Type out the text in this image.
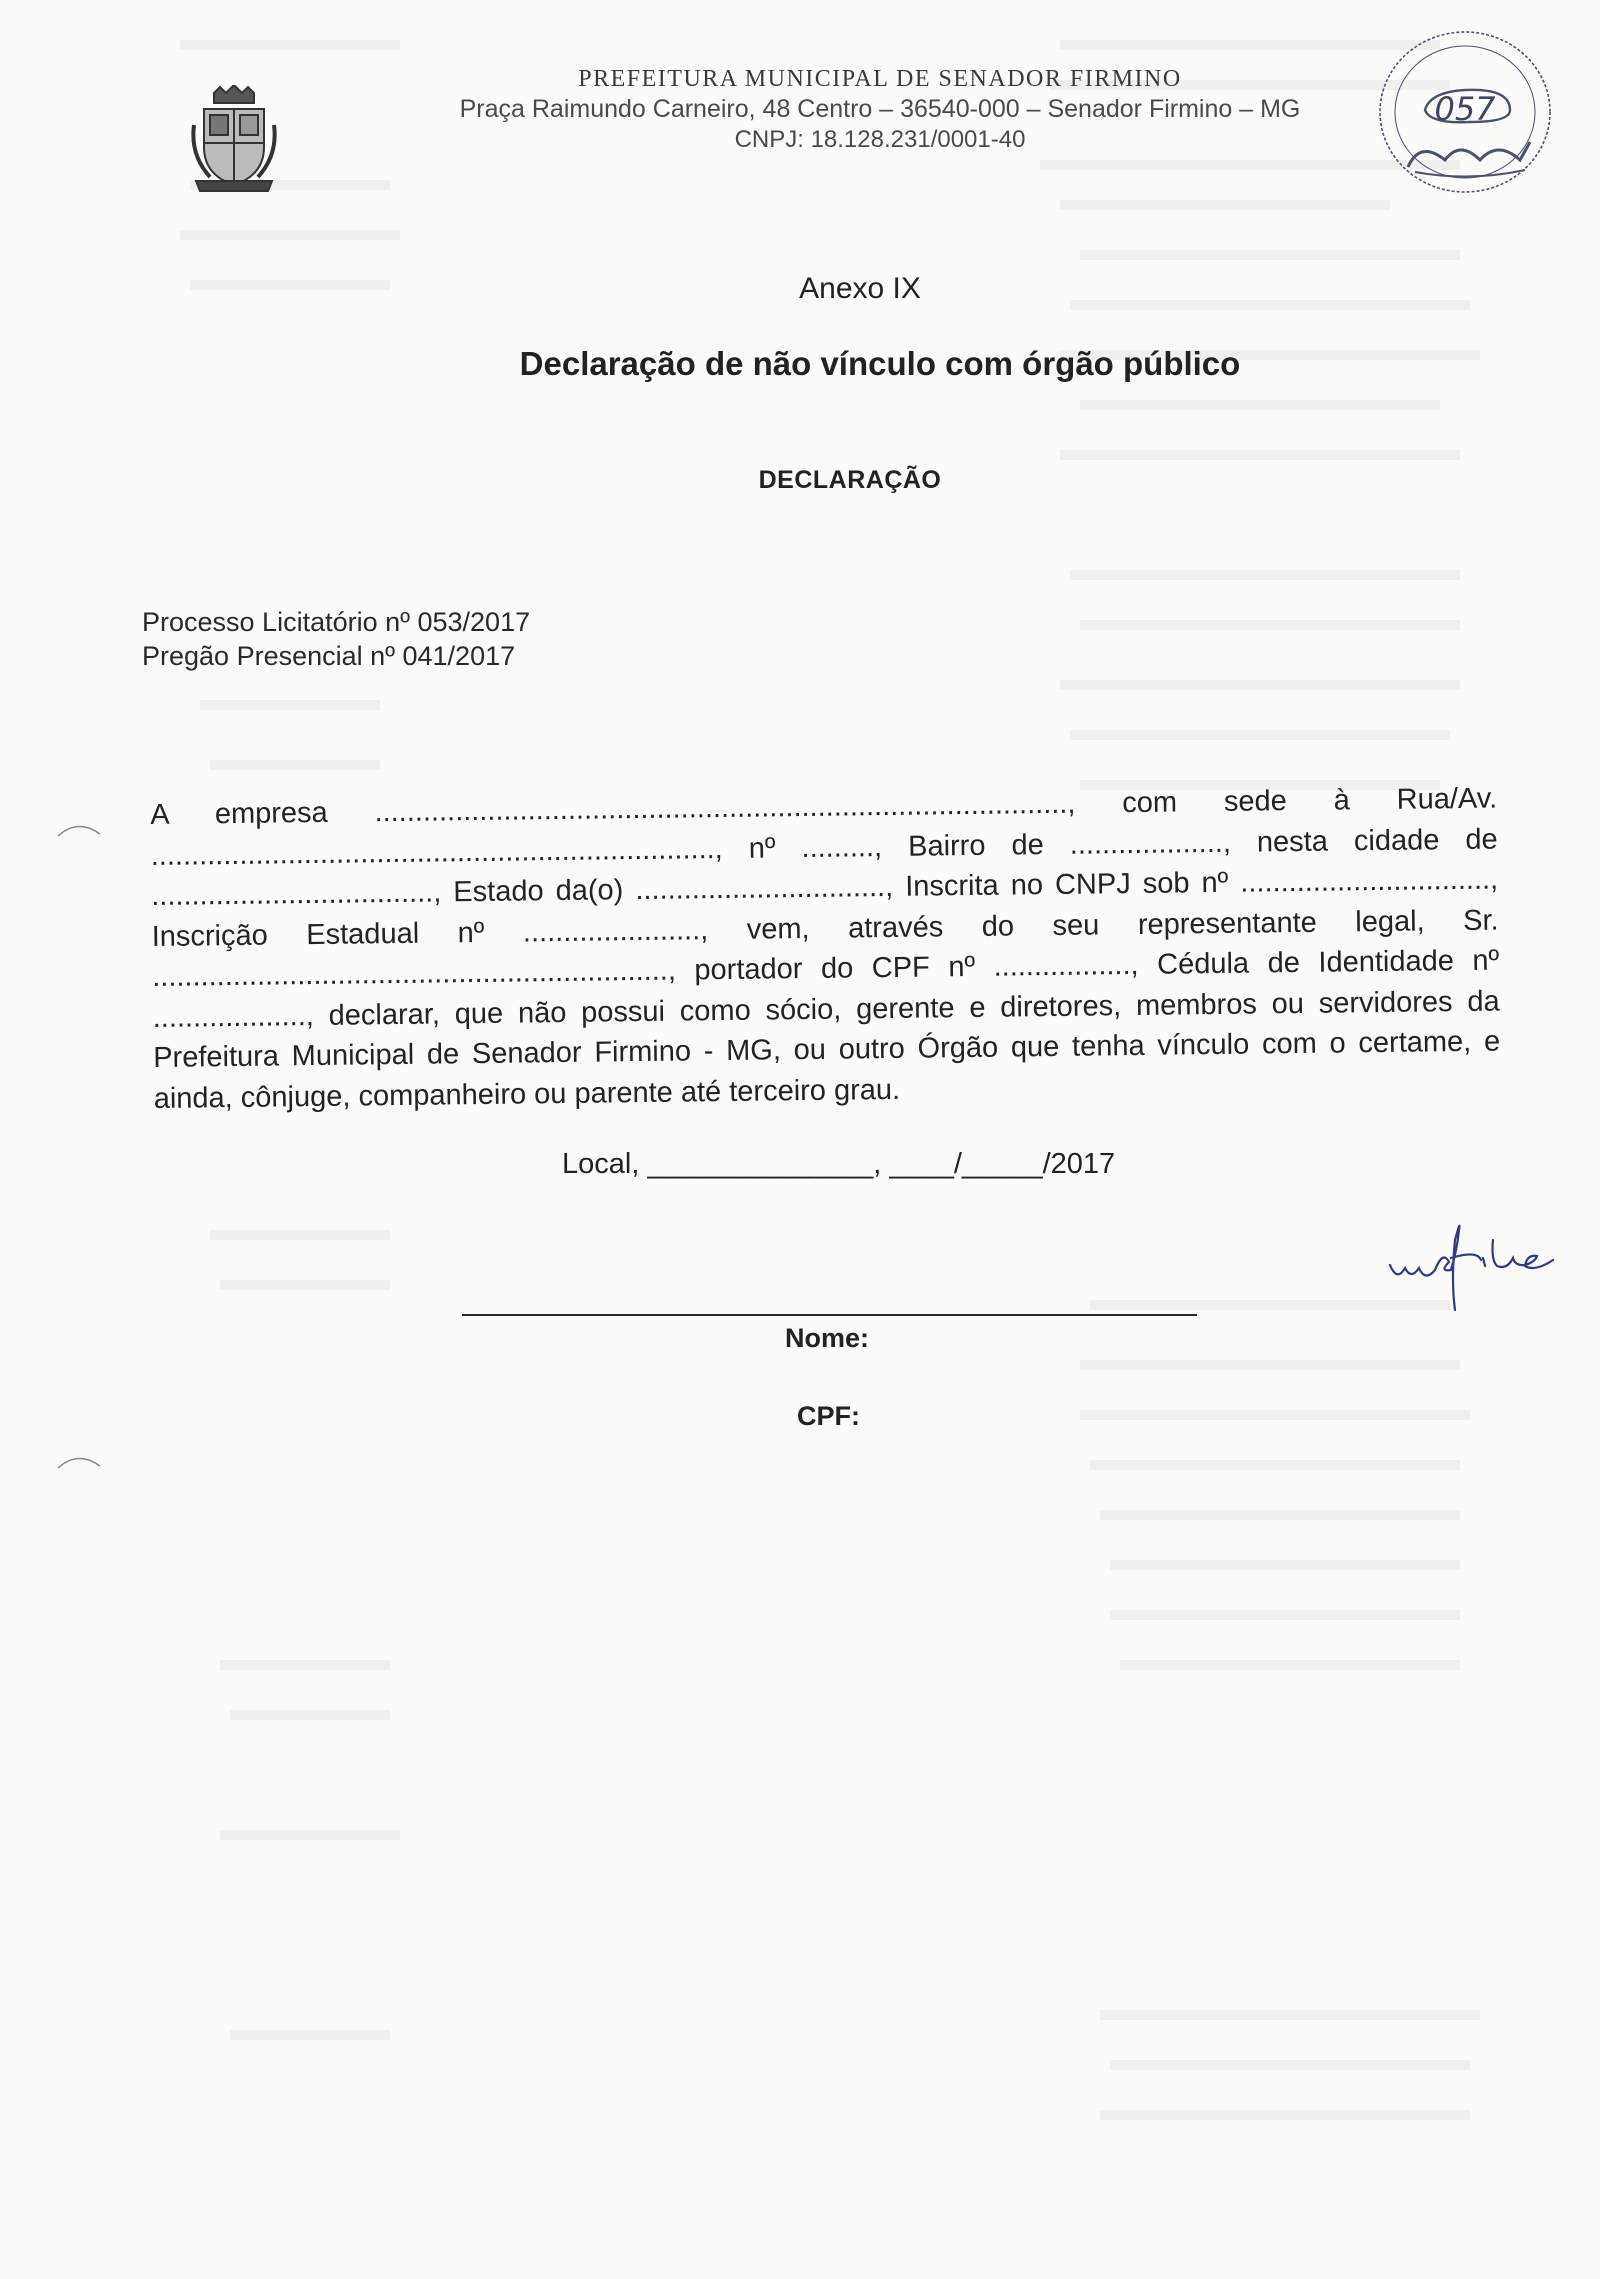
PREFEITURA MUNICIPAL DE SENADOR FIRMINO
Praça Raimundo Carneiro, 48 Centro – 36540-000 – Senador Firmino – MG
CNPJ: 18.128.231/0001-40
057
Anexo IX
Declaração de não vínculo com órgão público
DECLARAÇÃO
Processo Licitatório nº 053/2017
Pregão Presencial nº 041/2017
A empresa ......................................................................................, com sede à Rua/Av. ......................................................................, nº ........., Bairro de ..................., nesta cidade de ..................................., Estado da(o) ..............................., Inscrita no CNPJ sob nº ..............................., Inscrição Estadual nº ......................, vem, através do seu representante legal, Sr. ................................................................, portador do CPF nº ................., Cédula de Identidade nº ..................., declarar, que não possui como sócio, gerente e diretores, membros ou servidores da Prefeitura Municipal de Senador Firmino - MG, ou outro Órgão que tenha vínculo com o certame, e ainda, cônjuge, companheiro ou parente até terceiro grau.
Local, ______________, ____/_____/2017
Nome:
CPF:
